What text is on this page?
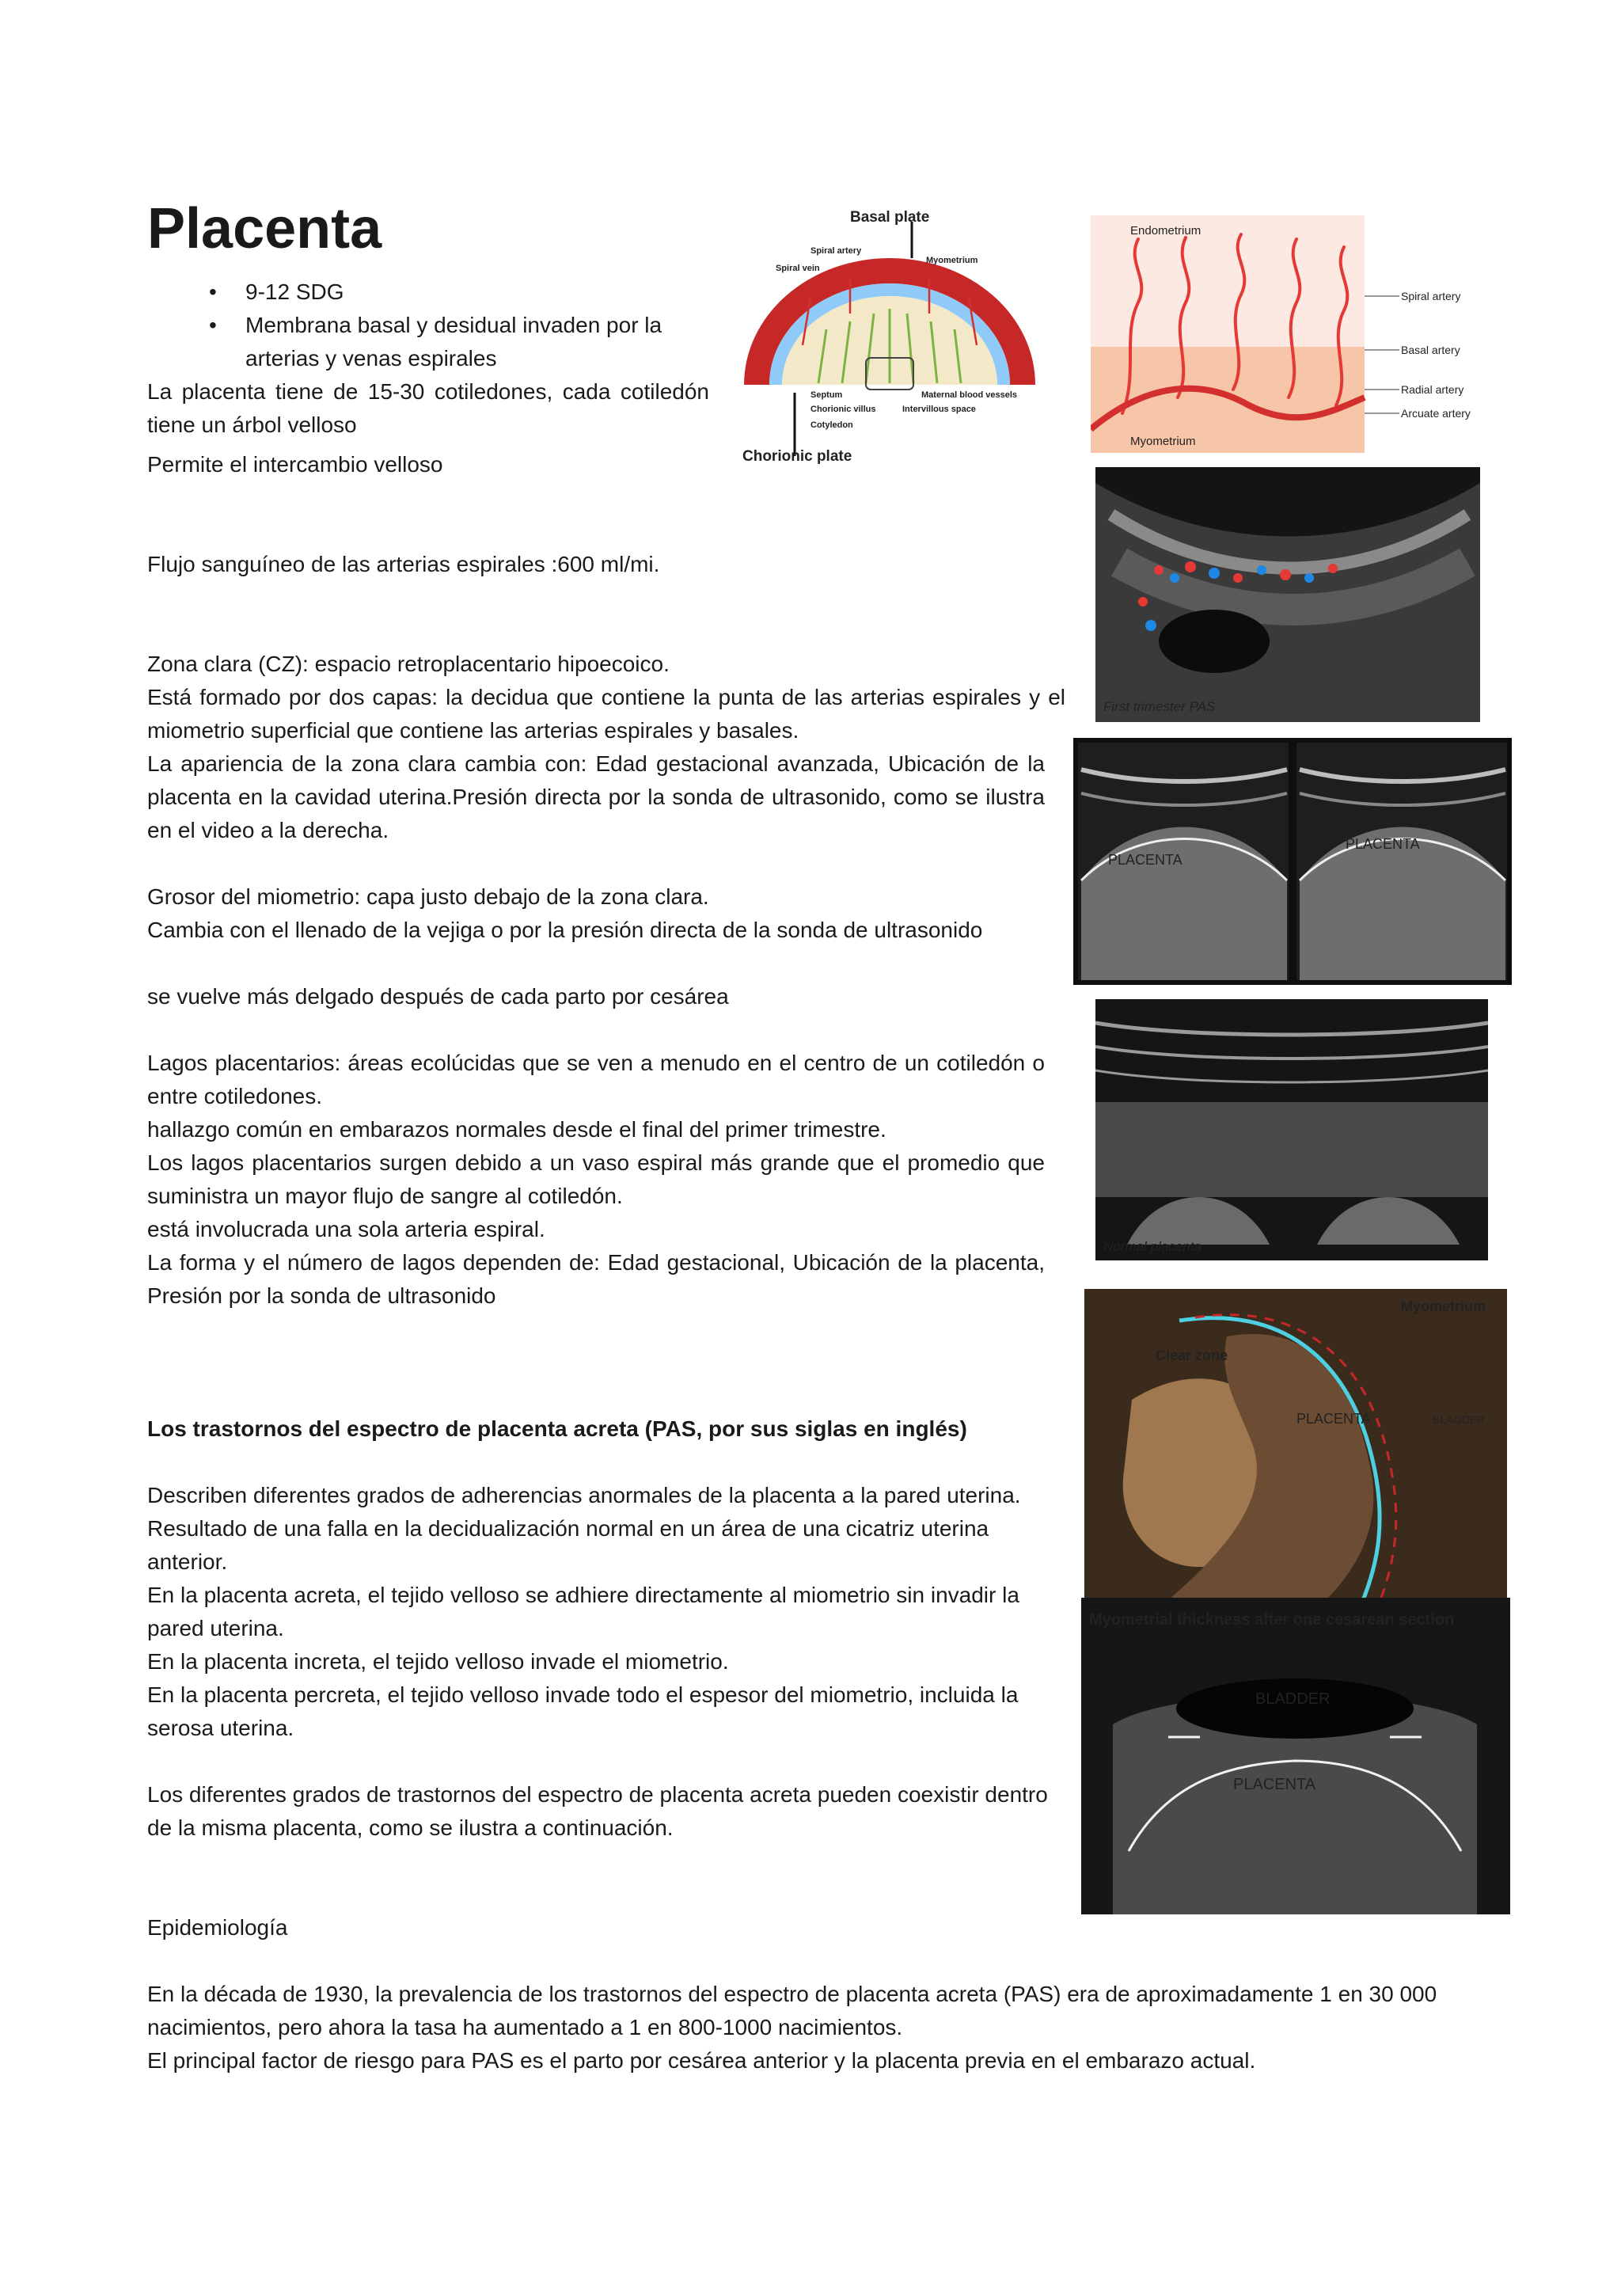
Placenta
• 9-12 SDG
• Membrana basal y desidual invaden por la arterias y venas espirales

La placenta tiene de 15-30 cotiledones, cada cotiledón tiene un árbol velloso

Permite el intercambio velloso

Flujo sanguíneo de las arterias espirales :600 ml/mi.

Zona clara (CZ): espacio retroplacentario hipoecoico.

Está formado por dos capas: la decidua que contiene la punta de las arterias espirales y el miometrio superficial que contiene las arterias espirales y basales.

La apariencia de la zona clara cambia con: Edad gestacional avanzada, Ubicación de la placenta en la cavidad uterina.Presión directa por la sonda de ultrasonido, como se ilustra en el video a la derecha.

Grosor del miometrio: capa justo debajo de la zona clara.

Cambia con el llenado de la vejiga o por la presión directa de la sonda de ultrasonido

se vuelve más delgado después de cada parto por cesárea

Lagos placentarios: áreas ecolúcidas que se ven a menudo en el centro de un cotiledón o entre cotiledones.

hallazgo común en embarazos normales desde el final del primer trimestre.

Los lagos placentarios surgen debido a un vaso espiral más grande que el promedio que suministra un mayor flujo de sangre al cotiledón.

está involucrada una sola arteria espiral.

La forma y el número de lagos dependen de: Edad gestacional, Ubicación de la placenta, Presión por la sonda de ultrasonido

Los trastornos del espectro de placenta acreta (PAS, por sus siglas en inglés)

Describen diferentes grados de adherencias anormales de la placenta a la pared uterina. Resultado de una falla en la decidualización normal en un área de una cicatriz uterina anterior.

En la placenta acreta, el tejido velloso se adhiere directamente al miometrio sin invadir la pared uterina.

En la placenta increta, el tejido velloso invade el miometrio.

En la placenta percreta, el tejido velloso invade todo el espesor del miometrio, incluida la serosa uterina.

Los diferentes grados de trastornos del espectro de placenta acreta pueden coexistir dentro de la misma placenta, como se ilustra a continuación.

Epidemiología

En la década de 1930, la prevalencia de los trastornos del espectro de placenta acreta (PAS) era de aproximadamente 1 en 30 000 nacimientos, pero ahora la tasa ha aumentado a 1 en 800-1000 nacimientos.

El principal factor de riesgo para PAS es el parto por cesárea anterior y la placenta previa en el embarazo actual.

Basal plate
Spiral artery
Spiral vein
Myometrium
Septum
Chorionic villus
Cotyledon
Maternal blood vessels
Intervillous space
Chorionic plate
Endometrium
Myometrium
Spiral artery
Basal artery
Radial artery
Arcuate artery
First trimester PAS
PLACENTA
PLACENTA
Normal placenta
Clear zone
Myometrium
PLACENTA	BLADDER
Myometrial thickness after one cesarean section
BLADDER
PLACENTA
